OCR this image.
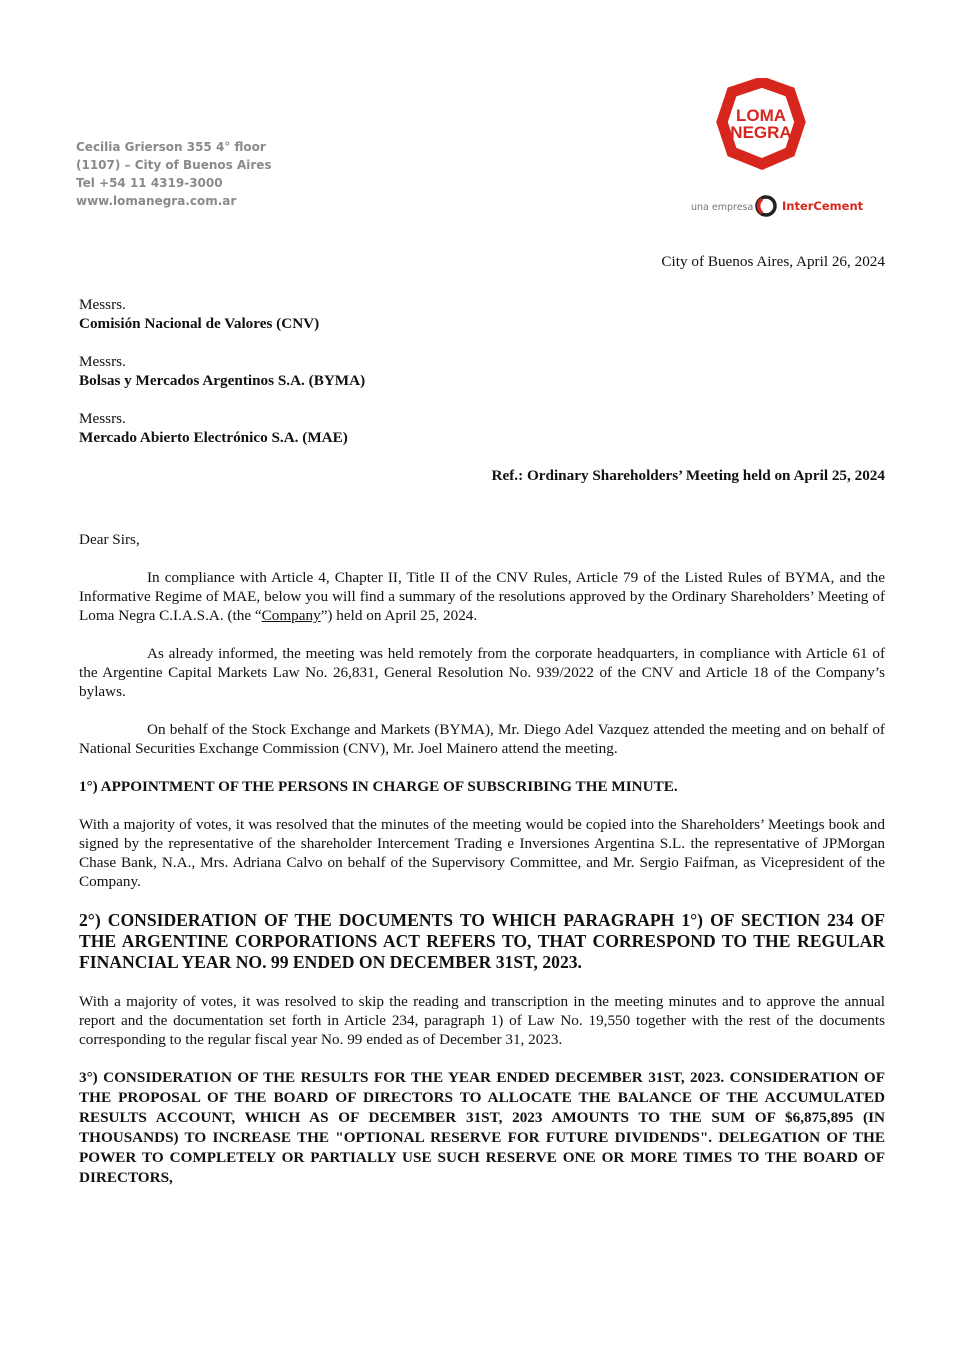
Cecilia Grierson 355 4° floor
(1107) – City of Buenos Aires
Tel +54 11 4319-3000
www.lomanegra.com.ar
LOMA
NEGRA
una empresa InterCement
City of Buenos Aires, April 26, 2024
Messrs.
Comisión Nacional de Valores (CNV)
Messrs.
Bolsas y Mercados Argentinos S.A. (BYMA)
Messrs.
Mercado Abierto Electrónico S.A. (MAE)
Ref.: Ordinary Shareholders’ Meeting held on April 25, 2024

Dear Sirs,

In compliance with Article 4, Chapter II, Title II of the CNV Rules, Article 79 of the Listed Rules of BYMA, and the Informative Regime of MAE, below you will find a summary of the resolutions approved by the Ordinary Shareholders’ Meeting of Loma Negra C.I.A.S.A. (the “Company”) held on April 25, 2024.

As already informed, the meeting was held remotely from the corporate headquarters, in compliance with Article 61 of the Argentine Capital Markets Law No. 26,831, General Resolution No. 939/2022 of the CNV and Article 18 of the Company’s bylaws.

On behalf of the Stock Exchange and Markets (BYMA), Mr. Diego Adel Vazquez attended the meeting and on behalf of National Securities Exchange Commission (CNV), Mr. Joel Mainero attend the meeting.

1°) APPOINTMENT OF THE PERSONS IN CHARGE OF SUBSCRIBING THE MINUTE.

With a majority of votes, it was resolved that the minutes of the meeting would be copied into the Shareholders’ Meetings book and signed by the representative of the shareholder Intercement Trading e Inversiones Argentina S.L. the representative of JPMorgan Chase Bank, N.A., Mrs. Adriana Calvo on behalf of the Supervisory Committee, and Mr. Sergio Faifman, as Vicepresident of the Company.

2°) CONSIDERATION OF THE DOCUMENTS TO WHICH PARAGRAPH 1°) OF SECTION 234 OF THE ARGENTINE CORPORATIONS ACT REFERS TO, THAT CORRESPOND TO THE REGULAR FINANCIAL YEAR NO. 99 ENDED ON DECEMBER 31ST, 2023.

With a majority of votes, it was resolved to skip the reading and transcription in the meeting minutes and to approve the annual report and the documentation set forth in Article 234, paragraph 1) of Law No. 19,550 together with the rest of the documents corresponding to the regular fiscal year No. 99 ended as of December 31, 2023.

3°) CONSIDERATION OF THE RESULTS FOR THE YEAR ENDED DECEMBER 31ST, 2023. CONSIDERATION OF THE PROPOSAL OF THE BOARD OF DIRECTORS TO ALLOCATE THE BALANCE OF THE ACCUMULATED RESULTS ACCOUNT, WHICH AS OF DECEMBER 31ST, 2023 AMOUNTS TO THE SUM OF $6,875,895 (IN THOUSANDS) TO INCREASE THE "OPTIONAL RESERVE FOR FUTURE DIVIDENDS". DELEGATION OF THE POWER TO COMPLETELY OR PARTIALLY USE SUCH RESERVE ONE OR MORE TIMES TO THE BOARD OF DIRECTORS,
